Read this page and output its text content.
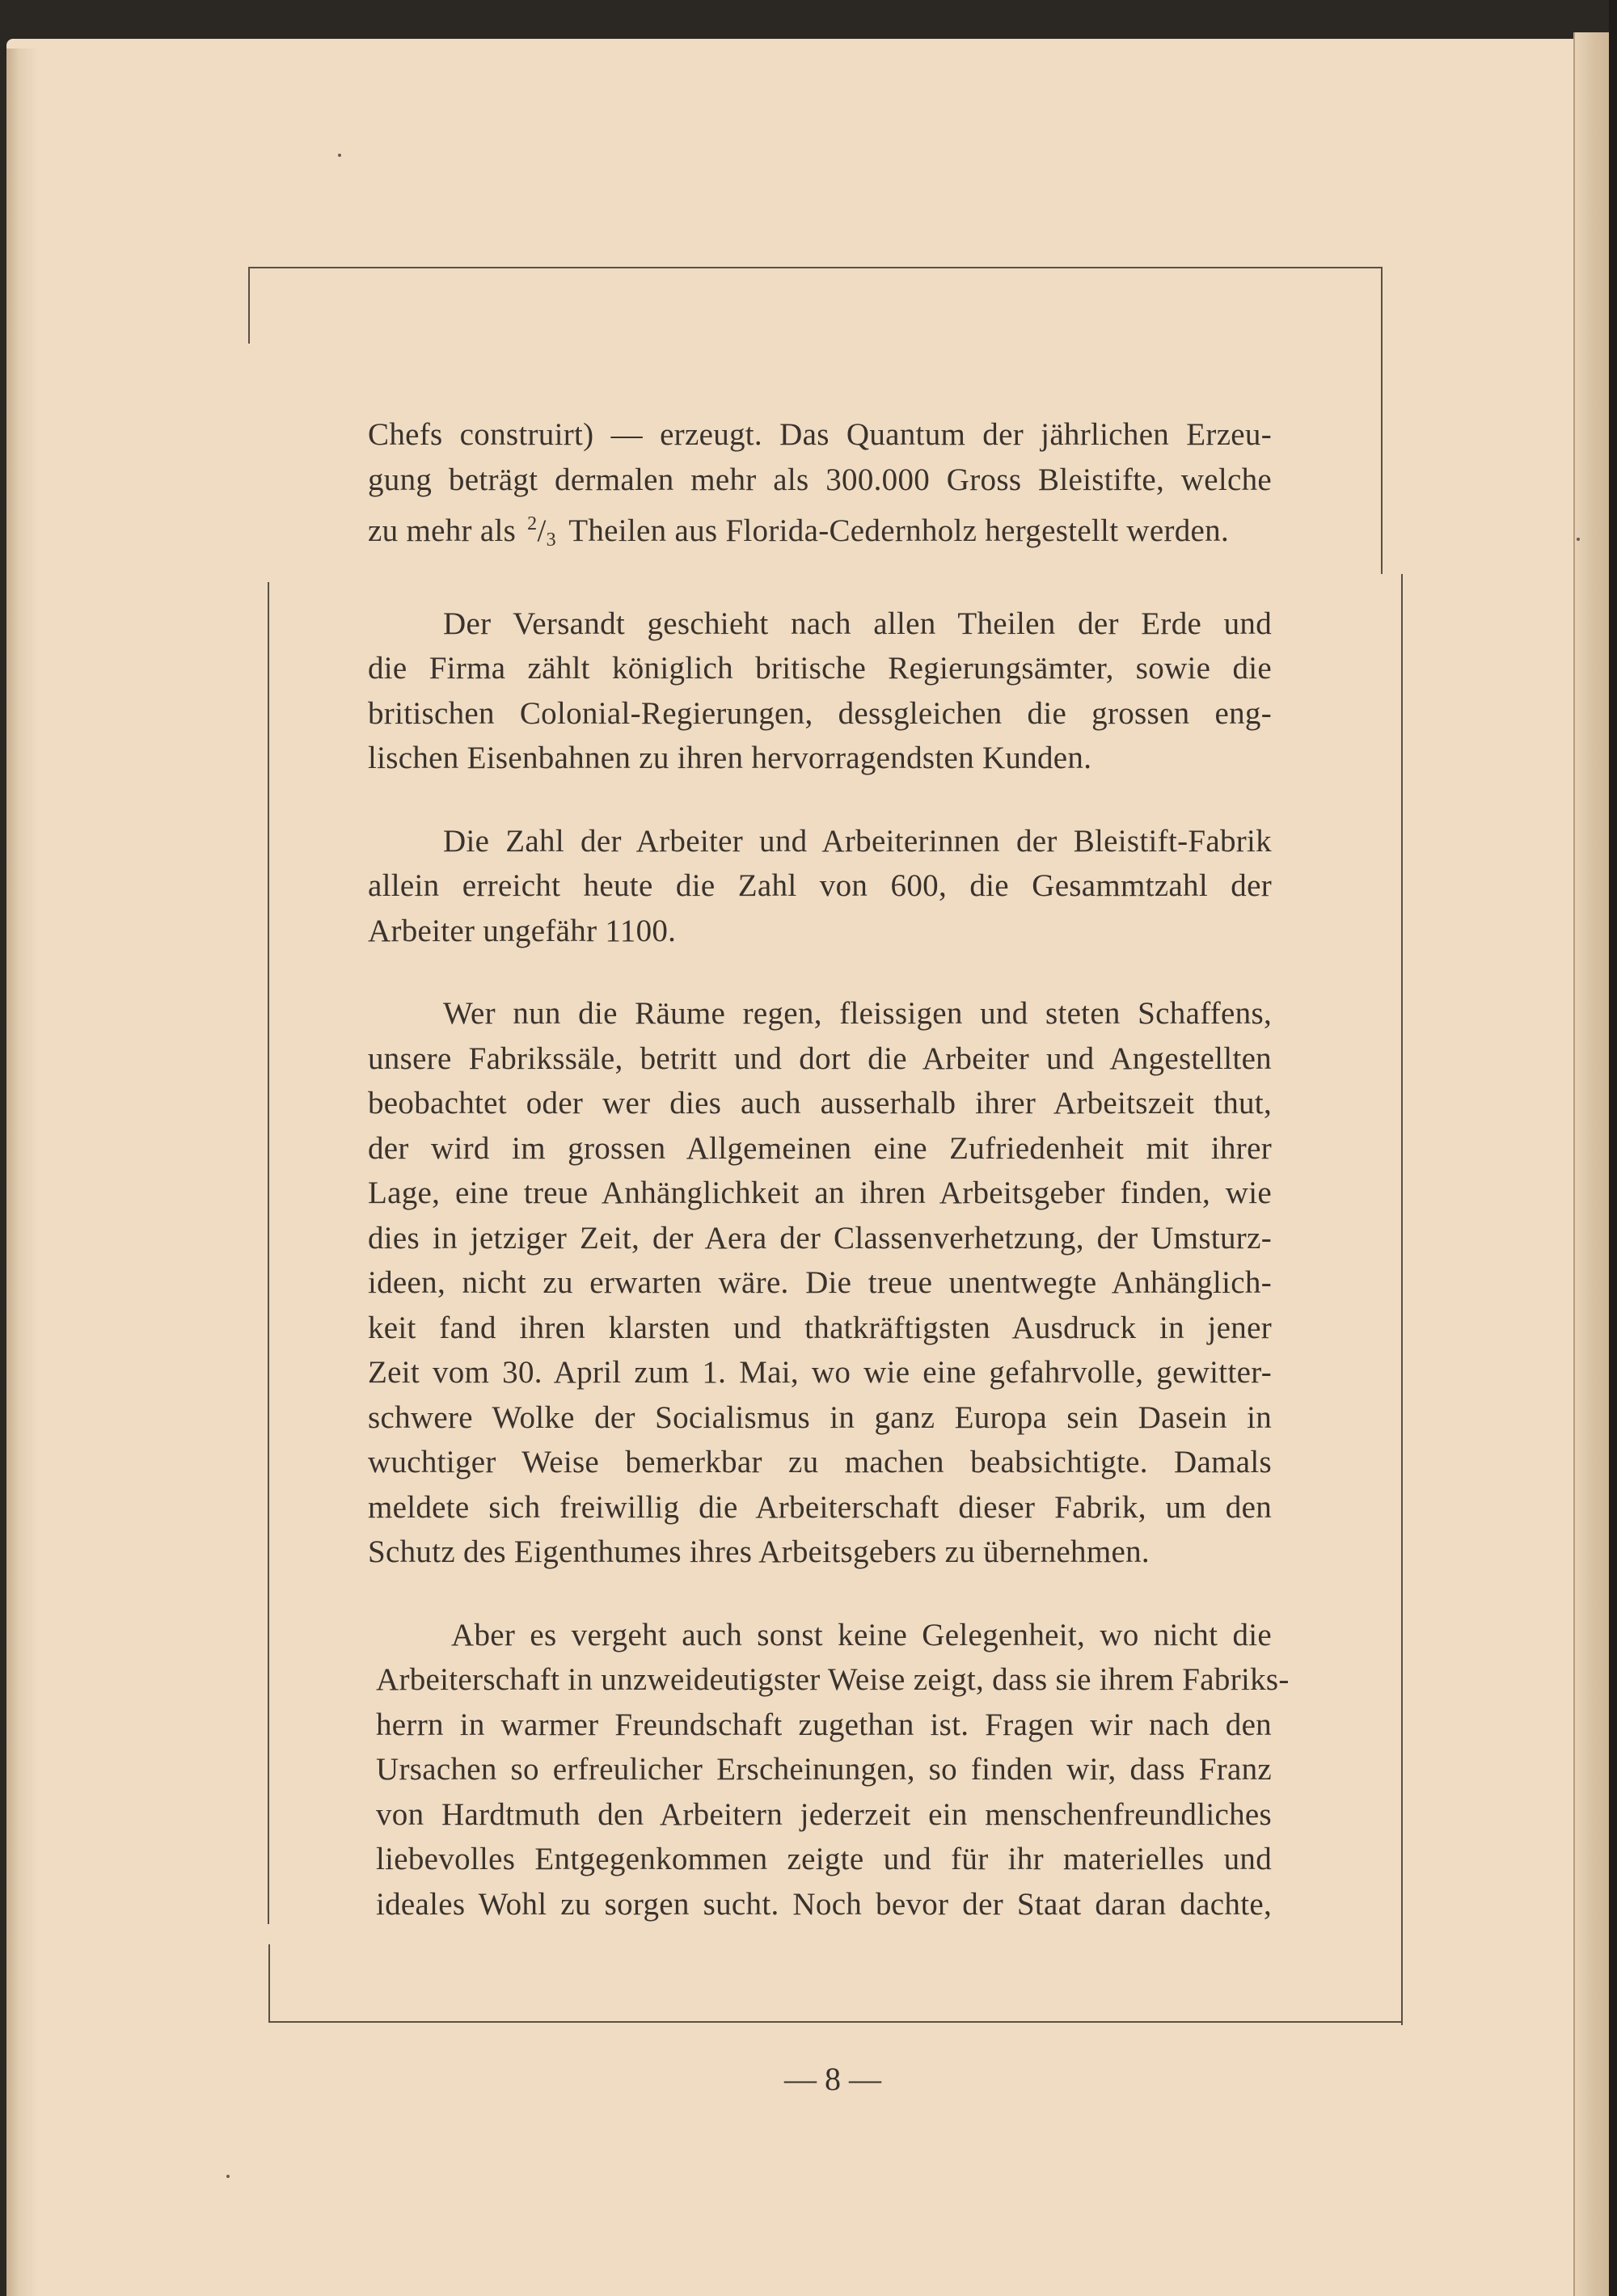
Chefs construirt) — erzeugt. Das Quantum der jährlichen Erzeu-
gung beträgt dermalen mehr als 300.000 Gross Bleistifte, welche
zu mehr als $^2/_3$ Theilen aus Florida-Cedernholz hergestellt werden.
Der Versandt geschieht nach allen Theilen der Erde und
die Firma zählt königlich britische Regierungsämter, sowie die
britischen Colonial-Regierungen, dessgleichen die grossen eng-
lischen Eisenbahnen zu ihren hervorragendsten Kunden.
Die Zahl der Arbeiter und Arbeiterinnen der Bleistift-Fabrik
allein erreicht heute die Zahl von 600, die Gesammtzahl der
Arbeiter ungefähr 1100.
Wer nun die Räume regen, fleissigen und steten Schaffens,
unsere Fabrikssäle, betritt und dort die Arbeiter und Angestellten
beobachtet oder wer dies auch ausserhalb ihrer Arbeitszeit thut,
der wird im grossen Allgemeinen eine Zufriedenheit mit ihrer
Lage, eine treue Anhänglichkeit an ihren Arbeitsgeber finden, wie
dies in jetziger Zeit, der Aera der Classenverhetzung, der Umsturz-
ideen, nicht zu erwarten wäre. Die treue unentwegte Anhänglich-
keit fand ihren klarsten und thatkräftigsten Ausdruck in jener
Zeit vom 30. April zum 1. Mai, wo wie eine gefahrvolle, gewitter-
schwere Wolke der Socialismus in ganz Europa sein Dasein in
wuchtiger Weise bemerkbar zu machen beabsichtigte. Damals
meldete sich freiwillig die Arbeiterschaft dieser Fabrik, um den
Schutz des Eigenthumes ihres Arbeitsgebers zu übernehmen.
Aber es vergeht auch sonst keine Gelegenheit, wo nicht die
Arbeiterschaft in unzweideutigster Weise zeigt, dass sie ihrem Fabriks-
herrn in warmer Freundschaft zugethan ist. Fragen wir nach den
Ursachen so erfreulicher Erscheinungen, so finden wir, dass Franz
von Hardtmuth den Arbeitern jederzeit ein menschenfreundliches
liebevolles Entgegenkommen zeigte und für ihr materielles und
ideales Wohl zu sorgen sucht. Noch bevor der Staat daran dachte,
— 8 —
